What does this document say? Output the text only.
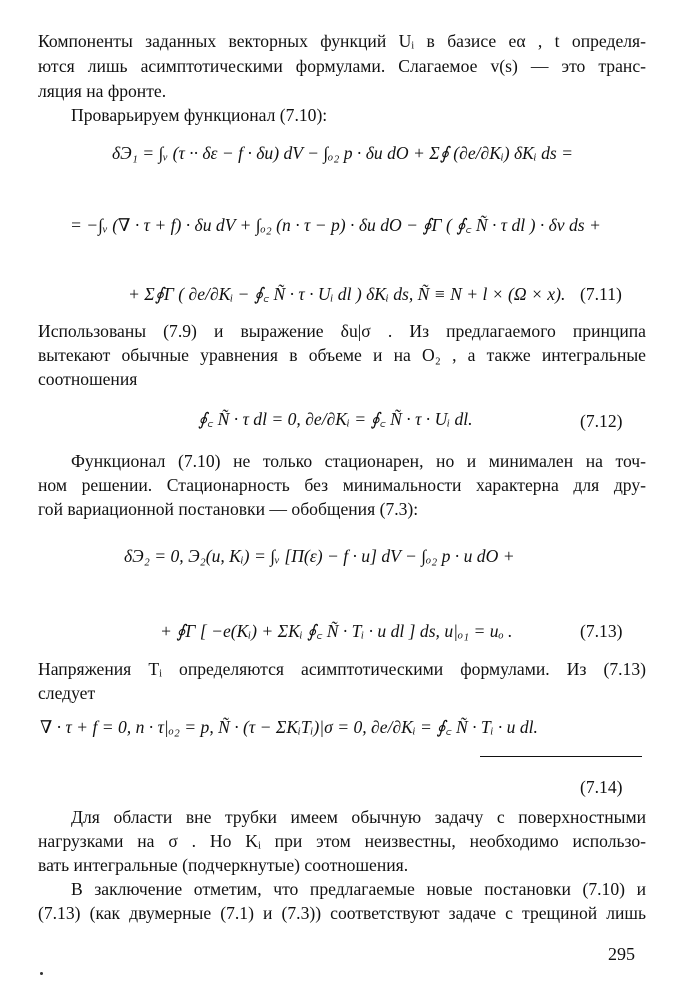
Компоненты заданных векторных функций Uᵢ в базисе eα , t определя-
ются лишь асимптотическими формулами. Слагаемое v(s) — это транс-
ляция на фронте.
Проварьируем функционал (7.10):
δЭ₁ = ∫ᵥ (τ ·· δε − f · δu) dV − ∫ₒ₂ p · δu dO + Σ∮ (∂e/∂Kᵢ) δKᵢ ds =
= −∫ᵥ (∇ · τ + f) · δu dV + ∫ₒ₂ (n · τ − p) · δu dO − ∮Γ ( ∮꜀ Ñ · τ dl ) · δv ds +
+ Σ∮Γ ( ∂e/∂Kᵢ − ∮꜀ Ñ · τ · Uᵢ dl ) δKᵢ ds, Ñ ≡ N + l × (Ω × x). (7.11)
Использованы (7.9) и выражение δu|σ . Из предлагаемого принципа
вытекают обычные уравнения в объеме и на O₂ , а также интегральные
соотношения
∮꜀ Ñ · τ dl = 0, ∂e/∂Kᵢ = ∮꜀ Ñ · τ · Uᵢ dl.	(7.12)
Функционал (7.10) не только стационарен, но и минимален на точ-
ном решении. Стационарность без минимальности характерна для дру-
гой вариационной постановки — обобщения (7.3):
δЭ₂ = 0, Э₂(u, Kᵢ) = ∫ᵥ [Π(ε) − f · u] dV − ∫ₒ₂ p · u dO +
+ ∮Γ [ −e(Kᵢ) + ΣKᵢ ∮꜀ Ñ · Tᵢ · u dl ] ds, u|ₒ₁ = uₒ .	(7.13)
Напряжения Tᵢ определяются асимптотическими формулами. Из (7.13)
следует
∇ · τ + f = 0, n · τ|ₒ₂ = p, Ñ · (τ − ΣKᵢTᵢ)|σ = 0, ∂e/∂Kᵢ = ∮꜀ Ñ · Tᵢ · u dl.
(7.14)
Для области вне трубки имеем обычную задачу с поверхностными
нагрузками на σ . Но Kᵢ при этом неизвестны, необходимо использо-
вать интегральные (подчеркнутые) соотношения.
В заключение отметим, что предлагаемые новые постановки (7.10) и
(7.13) (как двумерные (7.1) и (7.3)) соответствуют задаче с трещиной лишь
295
